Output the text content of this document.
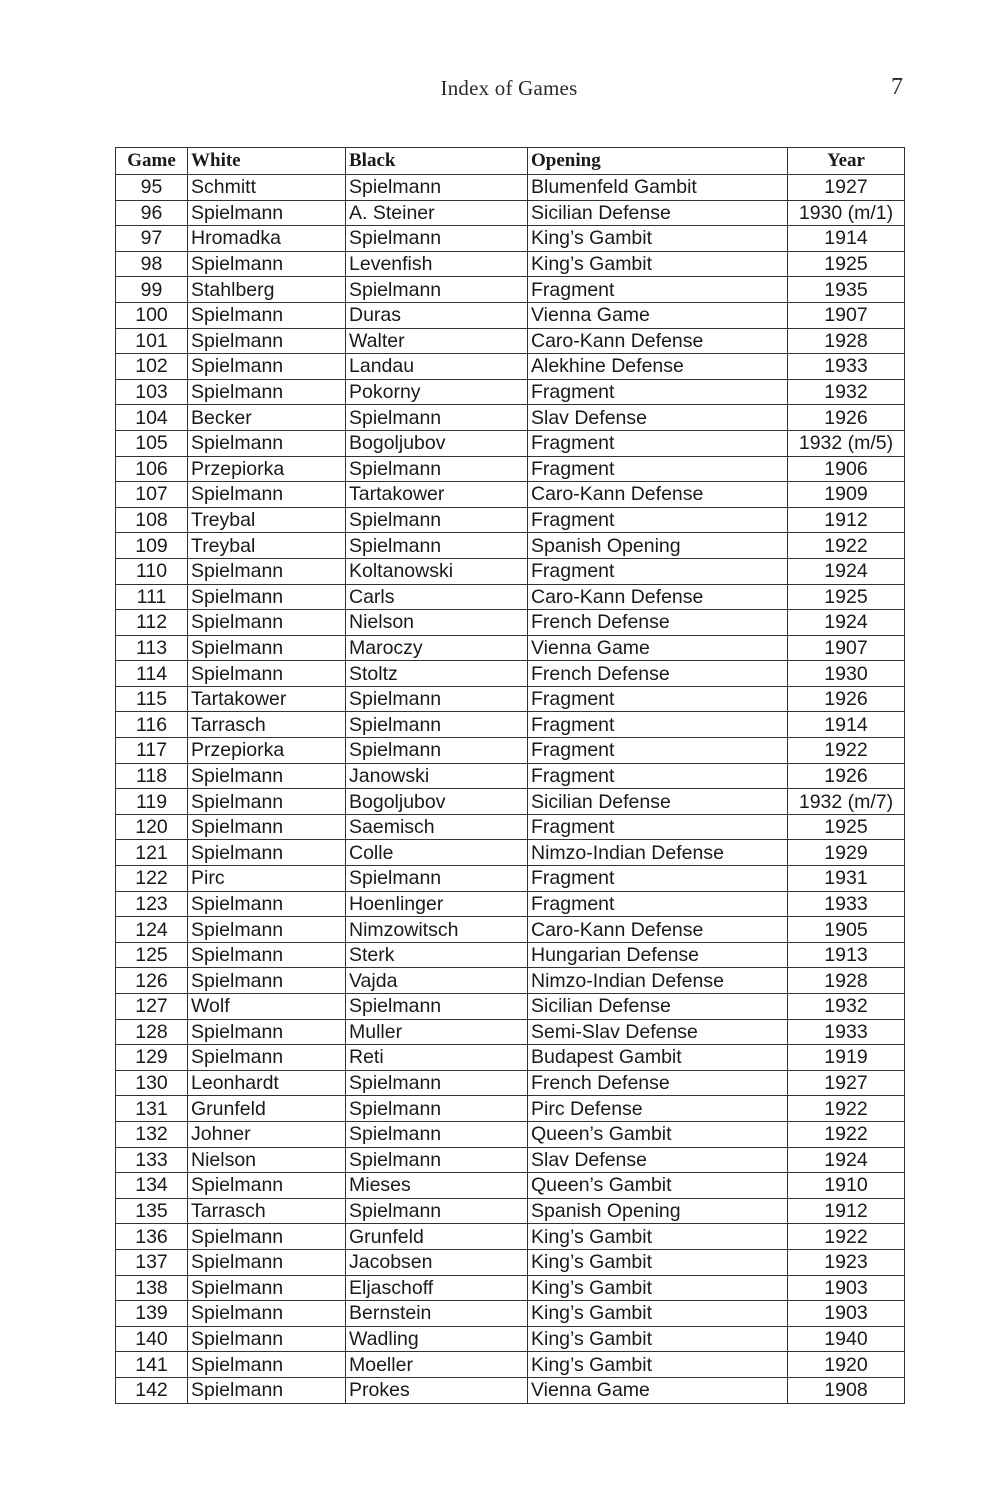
Index of Games	7
Game	White	Black	Opening	Year
95	Schmitt	Spielmann	Blumenfeld Gambit	1927
96	Spielmann	A. Steiner	Sicilian Defense	1930 (m/1)
97	Hromadka	Spielmann	King’s Gambit	1914
98	Spielmann	Levenfish	King’s Gambit	1925
99	Stahlberg	Spielmann	Fragment	1935
100	Spielmann	Duras	Vienna Game	1907
101	Spielmann	Walter	Caro-Kann Defense	1928
102	Spielmann	Landau	Alekhine Defense	1933
103	Spielmann	Pokorny	Fragment	1932
104	Becker	Spielmann	Slav Defense	1926
105	Spielmann	Bogoljubov	Fragment	1932 (m/5)
106	Przepiorka	Spielmann	Fragment	1906
107	Spielmann	Tartakower	Caro-Kann Defense	1909
108	Treybal	Spielmann	Fragment	1912
109	Treybal	Spielmann	Spanish Opening	1922
110	Spielmann	Koltanowski	Fragment	1924
111	Spielmann	Carls	Caro-Kann Defense	1925
112	Spielmann	Nielson	French Defense	1924
113	Spielmann	Maroczy	Vienna Game	1907
114	Spielmann	Stoltz	French Defense	1930
115	Tartakower	Spielmann	Fragment	1926
116	Tarrasch	Spielmann	Fragment	1914
117	Przepiorka	Spielmann	Fragment	1922
118	Spielmann	Janowski	Fragment	1926
119	Spielmann	Bogoljubov	Sicilian Defense	1932 (m/7)
120	Spielmann	Saemisch	Fragment	1925
121	Spielmann	Colle	Nimzo-Indian Defense	1929
122	Pirc	Spielmann	Fragment	1931
123	Spielmann	Hoenlinger	Fragment	1933
124	Spielmann	Nimzowitsch	Caro-Kann Defense	1905
125	Spielmann	Sterk	Hungarian Defense	1913
126	Spielmann	Vajda	Nimzo-Indian Defense	1928
127	Wolf	Spielmann	Sicilian Defense	1932
128	Spielmann	Muller	Semi-Slav Defense	1933
129	Spielmann	Reti	Budapest Gambit	1919
130	Leonhardt	Spielmann	French Defense	1927
131	Grunfeld	Spielmann	Pirc Defense	1922
132	Johner	Spielmann	Queen’s Gambit	1922
133	Nielson	Spielmann	Slav Defense	1924
134	Spielmann	Mieses	Queen’s Gambit	1910
135	Tarrasch	Spielmann	Spanish Opening	1912
136	Spielmann	Grunfeld	King’s Gambit	1922
137	Spielmann	Jacobsen	King’s Gambit	1923
138	Spielmann	Eljaschoff	King’s Gambit	1903
139	Spielmann	Bernstein	King’s Gambit	1903
140	Spielmann	Wadling	King’s Gambit	1940
141	Spielmann	Moeller	King’s Gambit	1920
142	Spielmann	Prokes	Vienna Game	1908
